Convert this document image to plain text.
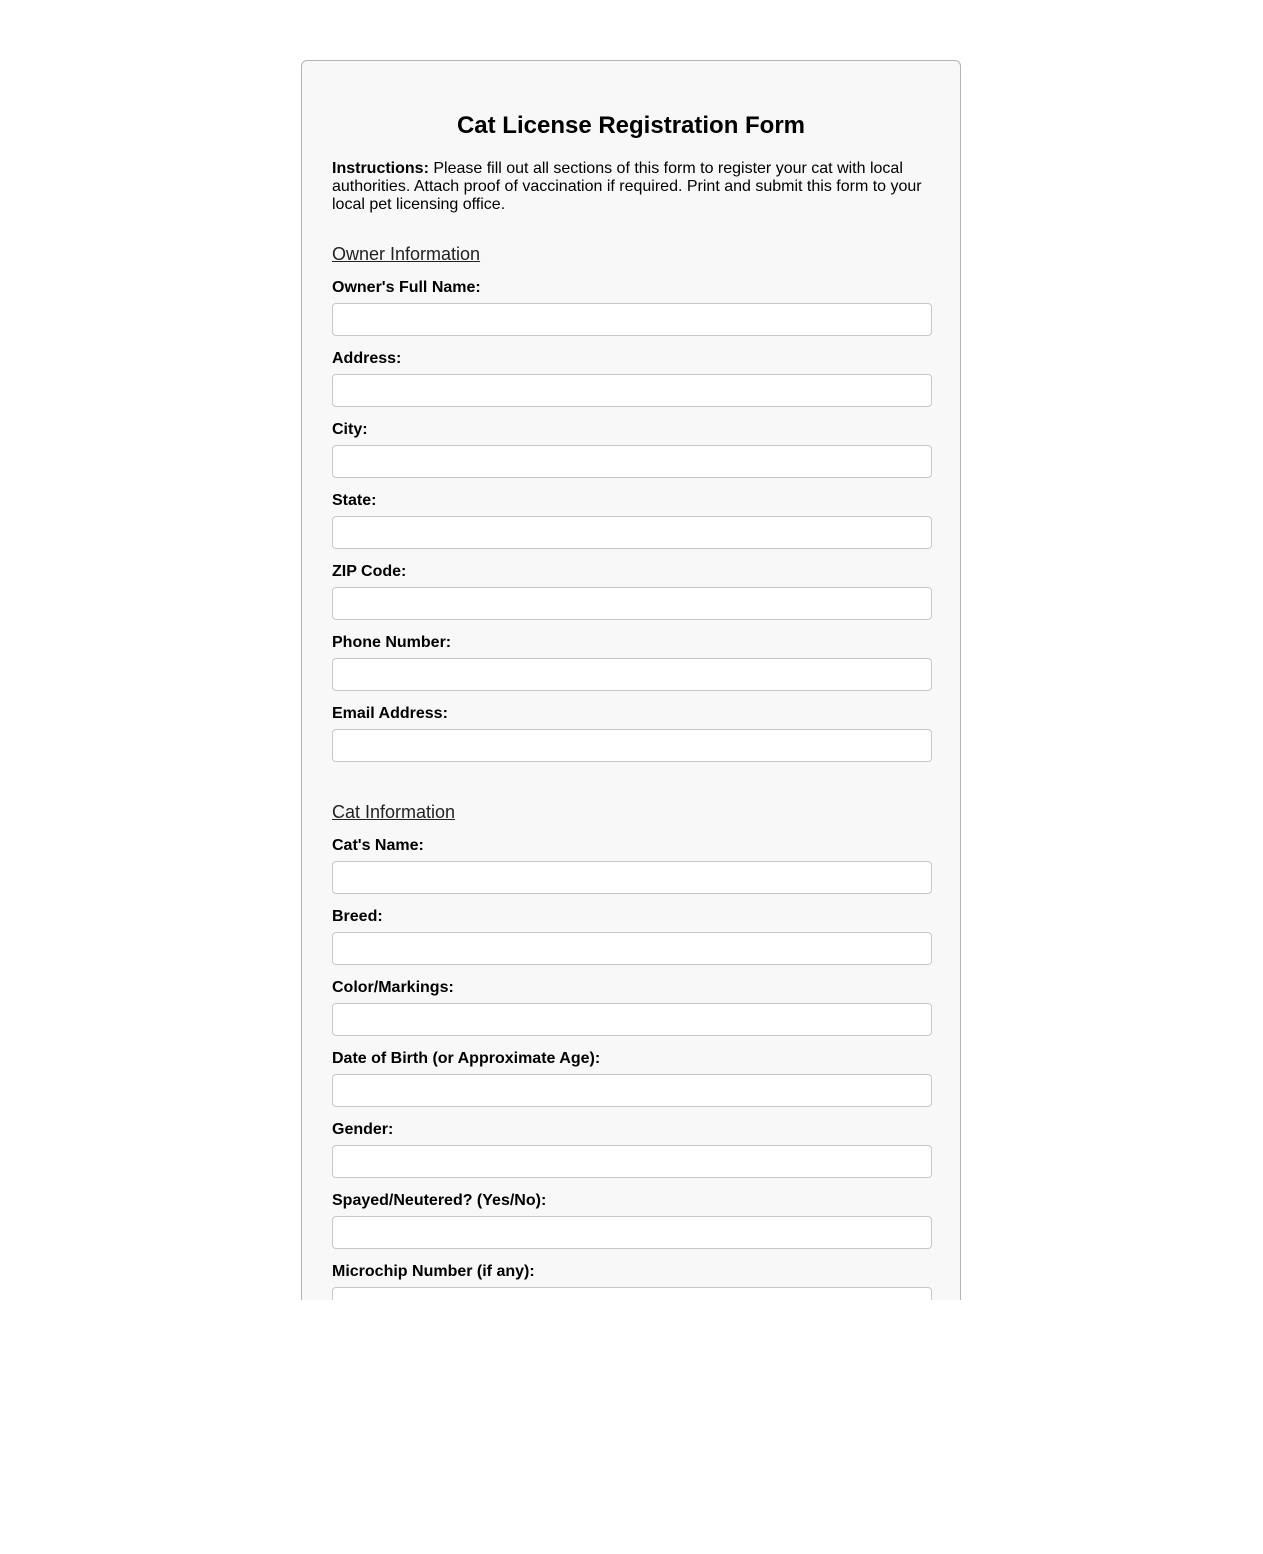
Cat License Registration Form

Instructions: Please fill out all sections of this form to register your cat with local authorities. Attach proof of vaccination if required. Print and submit this form to your local pet licensing office.

Owner Information
Owner's Full Name:
Address:
City:
State:
ZIP Code:
Phone Number:
Email Address:
Cat Information
Cat's Name:
Breed:
Color/Markings:
Date of Birth (or Approximate Age):
Gender:
Spayed/Neutered? (Yes/No):
Microchip Number (if any):
